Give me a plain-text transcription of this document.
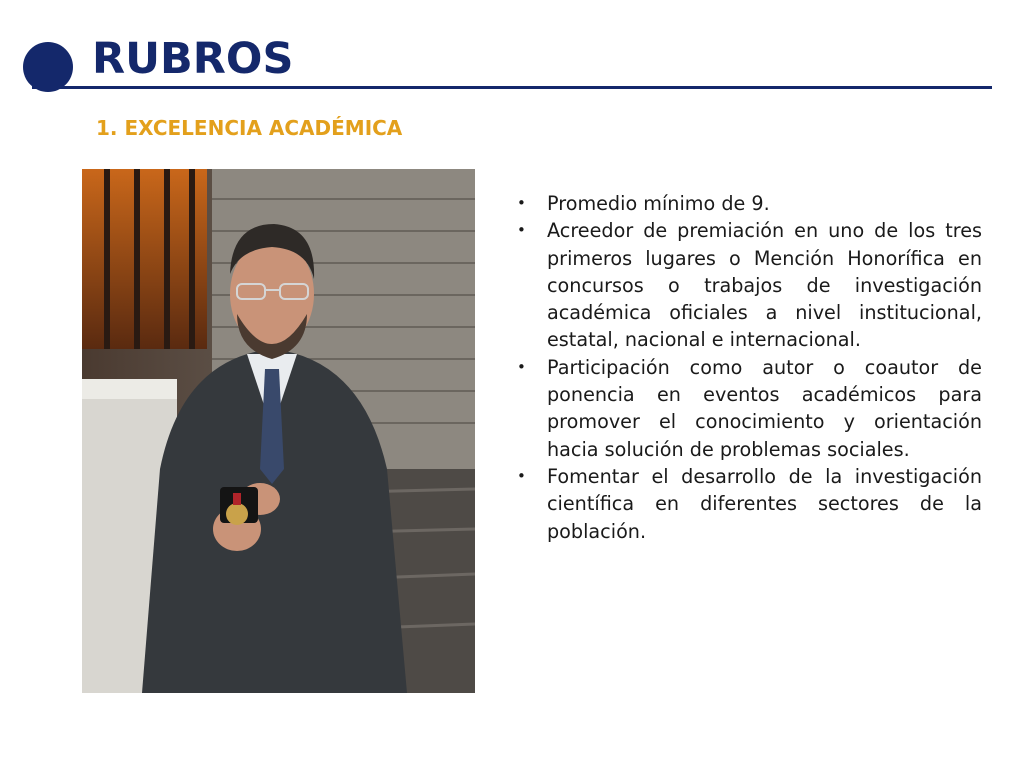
RUBROS
1. EXCELENCIA ACADÉMICA
• Promedio mínimo de 9.
• Acreedor de premiación en uno de los tres primeros lugares o Mención Honorífica en concursos o trabajos de investigación académica oficiales a nivel institucional, estatal, nacional e internacional.
• Participación como autor o coautor de ponencia en eventos académicos para promover el conocimiento y orientación hacia solución de problemas sociales.
• Fomentar el desarrollo de la investigación científica en diferentes sectores de la población.
